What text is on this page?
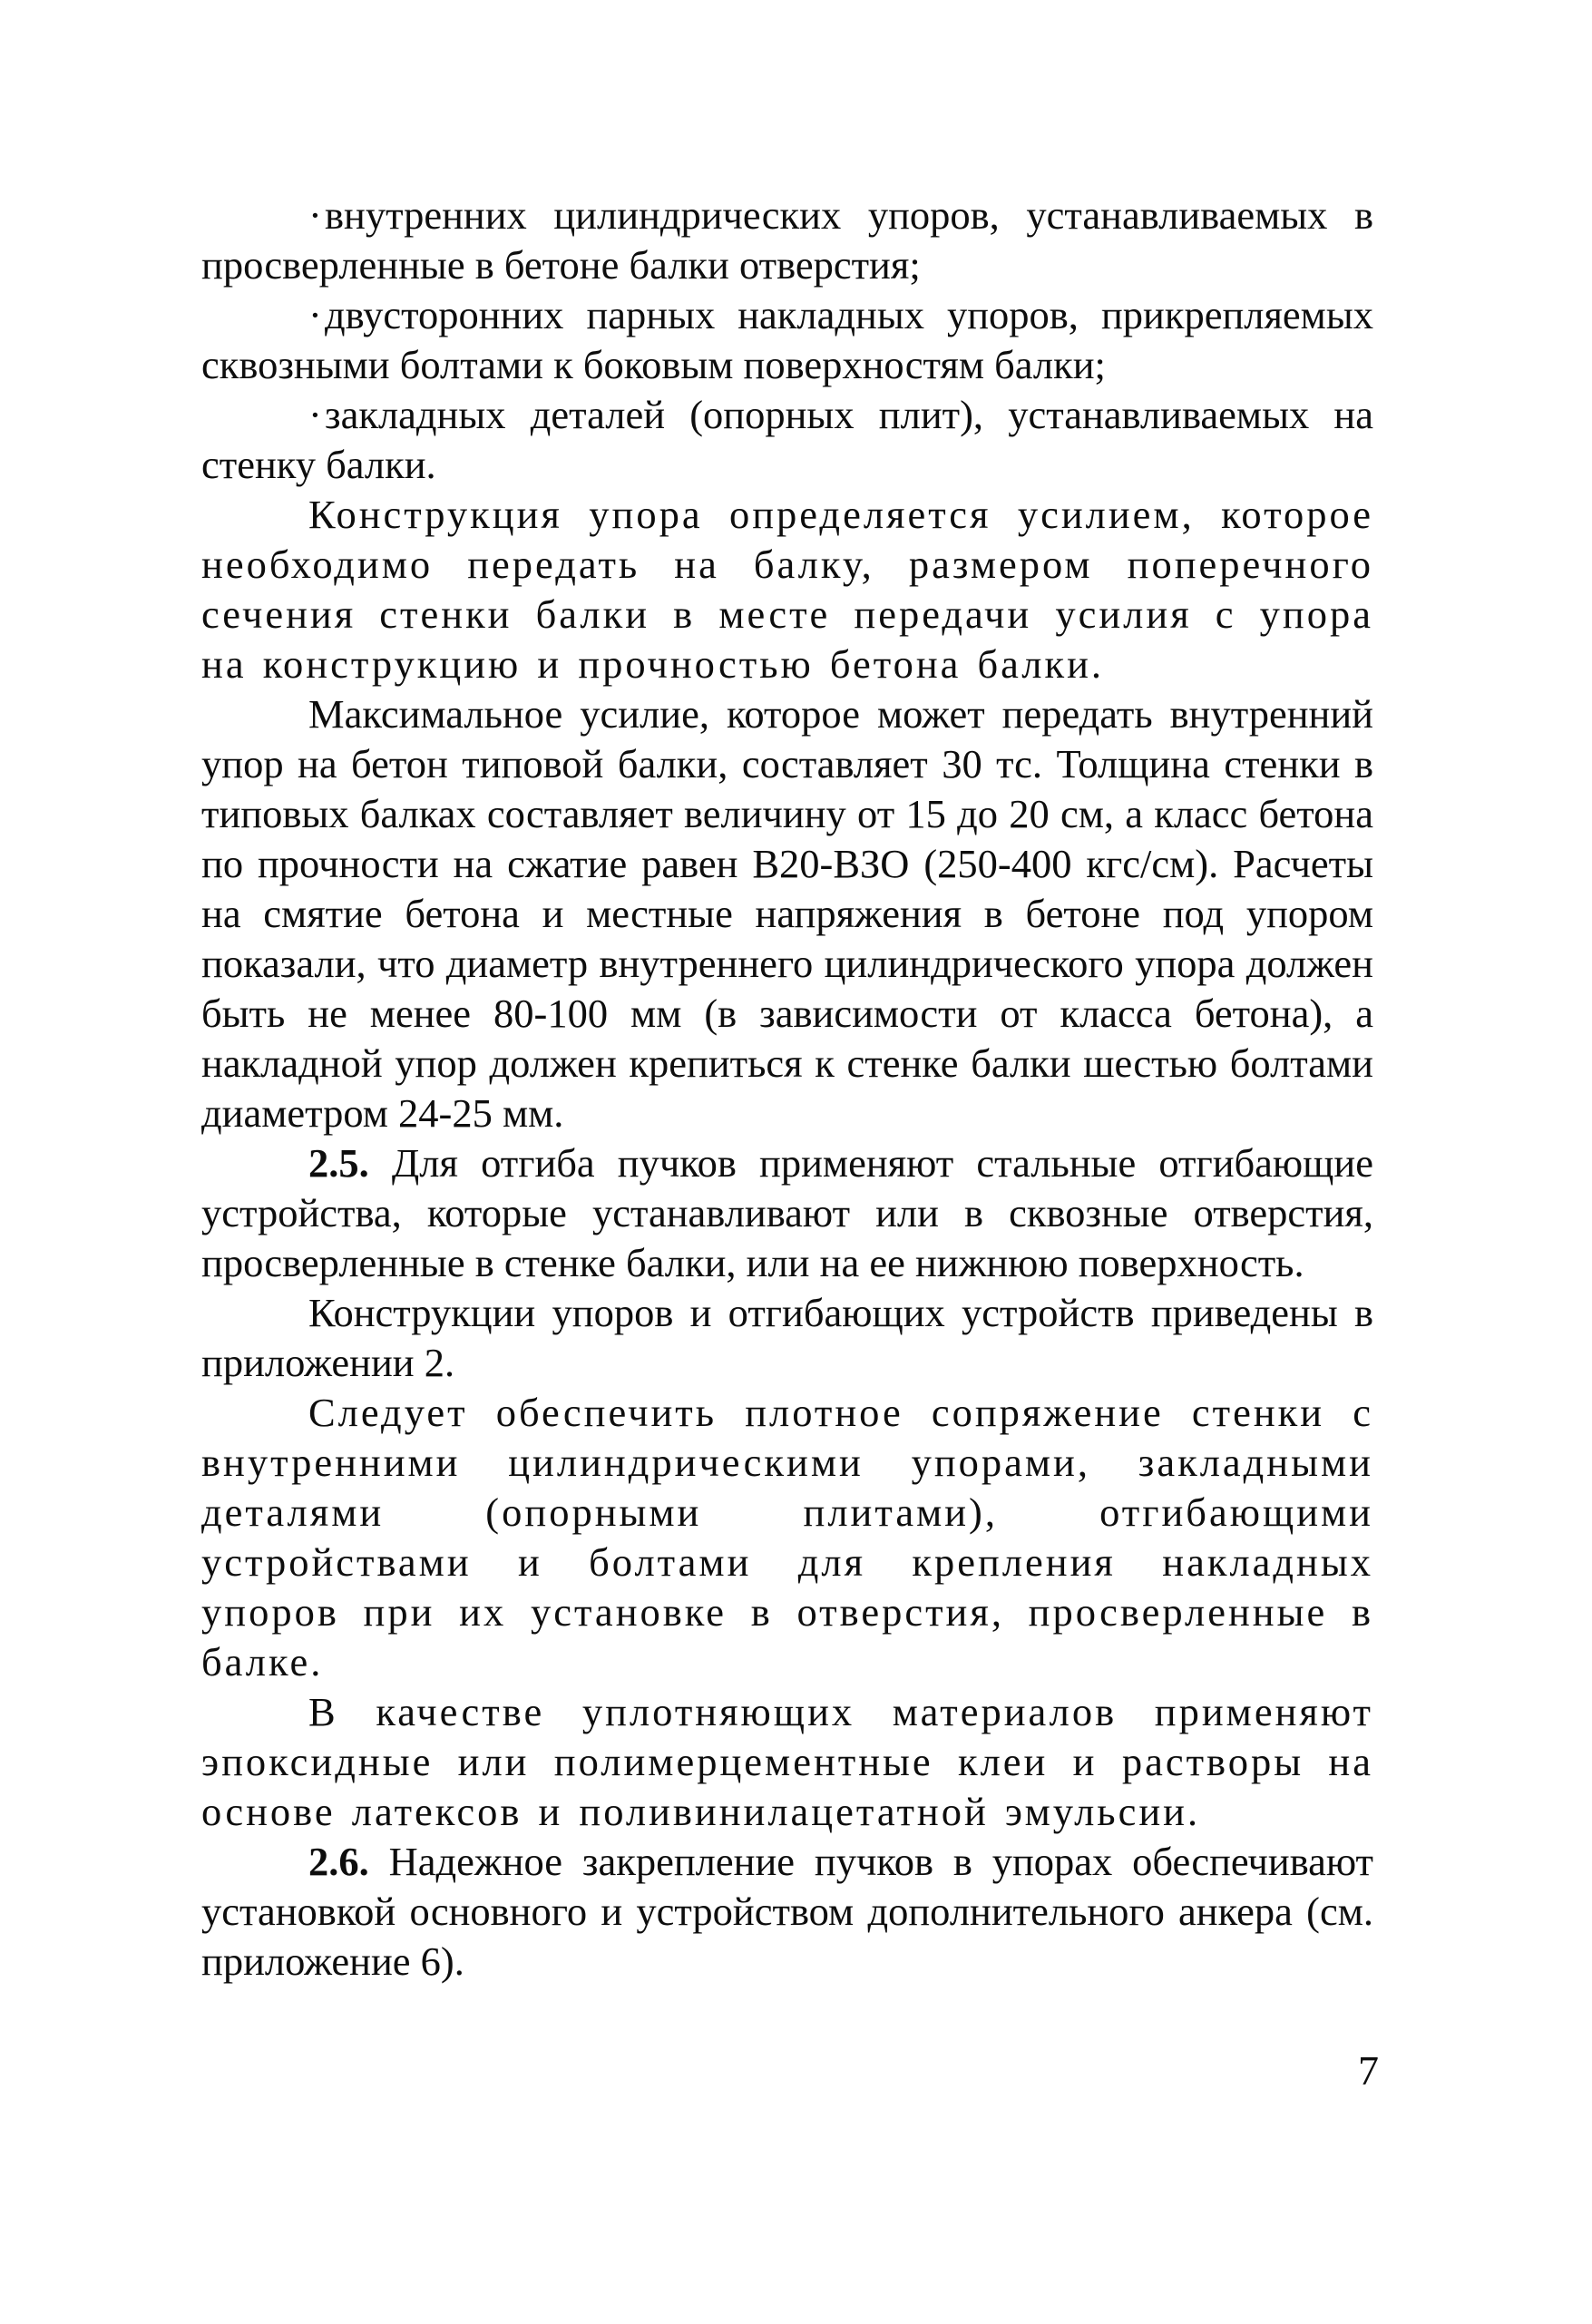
·внутренних цилиндрических упоров, устанавливаемых в просверленные в бетоне балки отверстия;

·двусторонних парных накладных упоров, прикрепляемых сквозными болтами к боковым поверхностям балки;

·закладных деталей (опорных плит), устанавливаемых на стенку балки.

Конструкция упора определяется усилием, которое необходимо передать на балку, размером поперечного сечения стенки балки в месте передачи усилия с упора на конструкцию и прочностью бетона балки.

Максимальное усилие, которое может передать внутренний упор на бетон типовой балки, составляет 30 тс. Толщина стенки в типовых балках составляет величину от 15 до 20 см, а класс бетона по прочности на сжатие равен В20-ВЗО (250-400 кгс/см). Расчеты на смятие бетона и местные напряжения в бетоне под упором показали, что диаметр внутреннего цилиндрического упора должен быть не менее 80-100 мм (в зависимости от класса бетона), а накладной упор должен крепиться к стенке балки шестью болтами диаметром 24-25 мм.

2.5. Для отгиба пучков применяют стальные отгибающие устройства, которые устанавливают или в сквозные отверстия, просверленные в стенке балки, или на ее нижнюю поверхность.

Конструкции упоров и отгибающих устройств приведены в приложении 2.

Следует обеспечить плотное сопряжение стенки с внутренними цилиндрическими упорами, закладными деталями (опорными плитами), отгибающими устройствами и болтами для крепления накладных упоров при их установке в отверстия, просверленные в балке.

В качестве уплотняющих материалов применяют эпоксидные или полимерцементные клеи и растворы на основе латексов и поливинилацетатной эмульсии.

2.6. Надежное закрепление пучков в упорах обеспечивают установкой основного и устройством дополнительного анкера (см. приложение 6).

7
